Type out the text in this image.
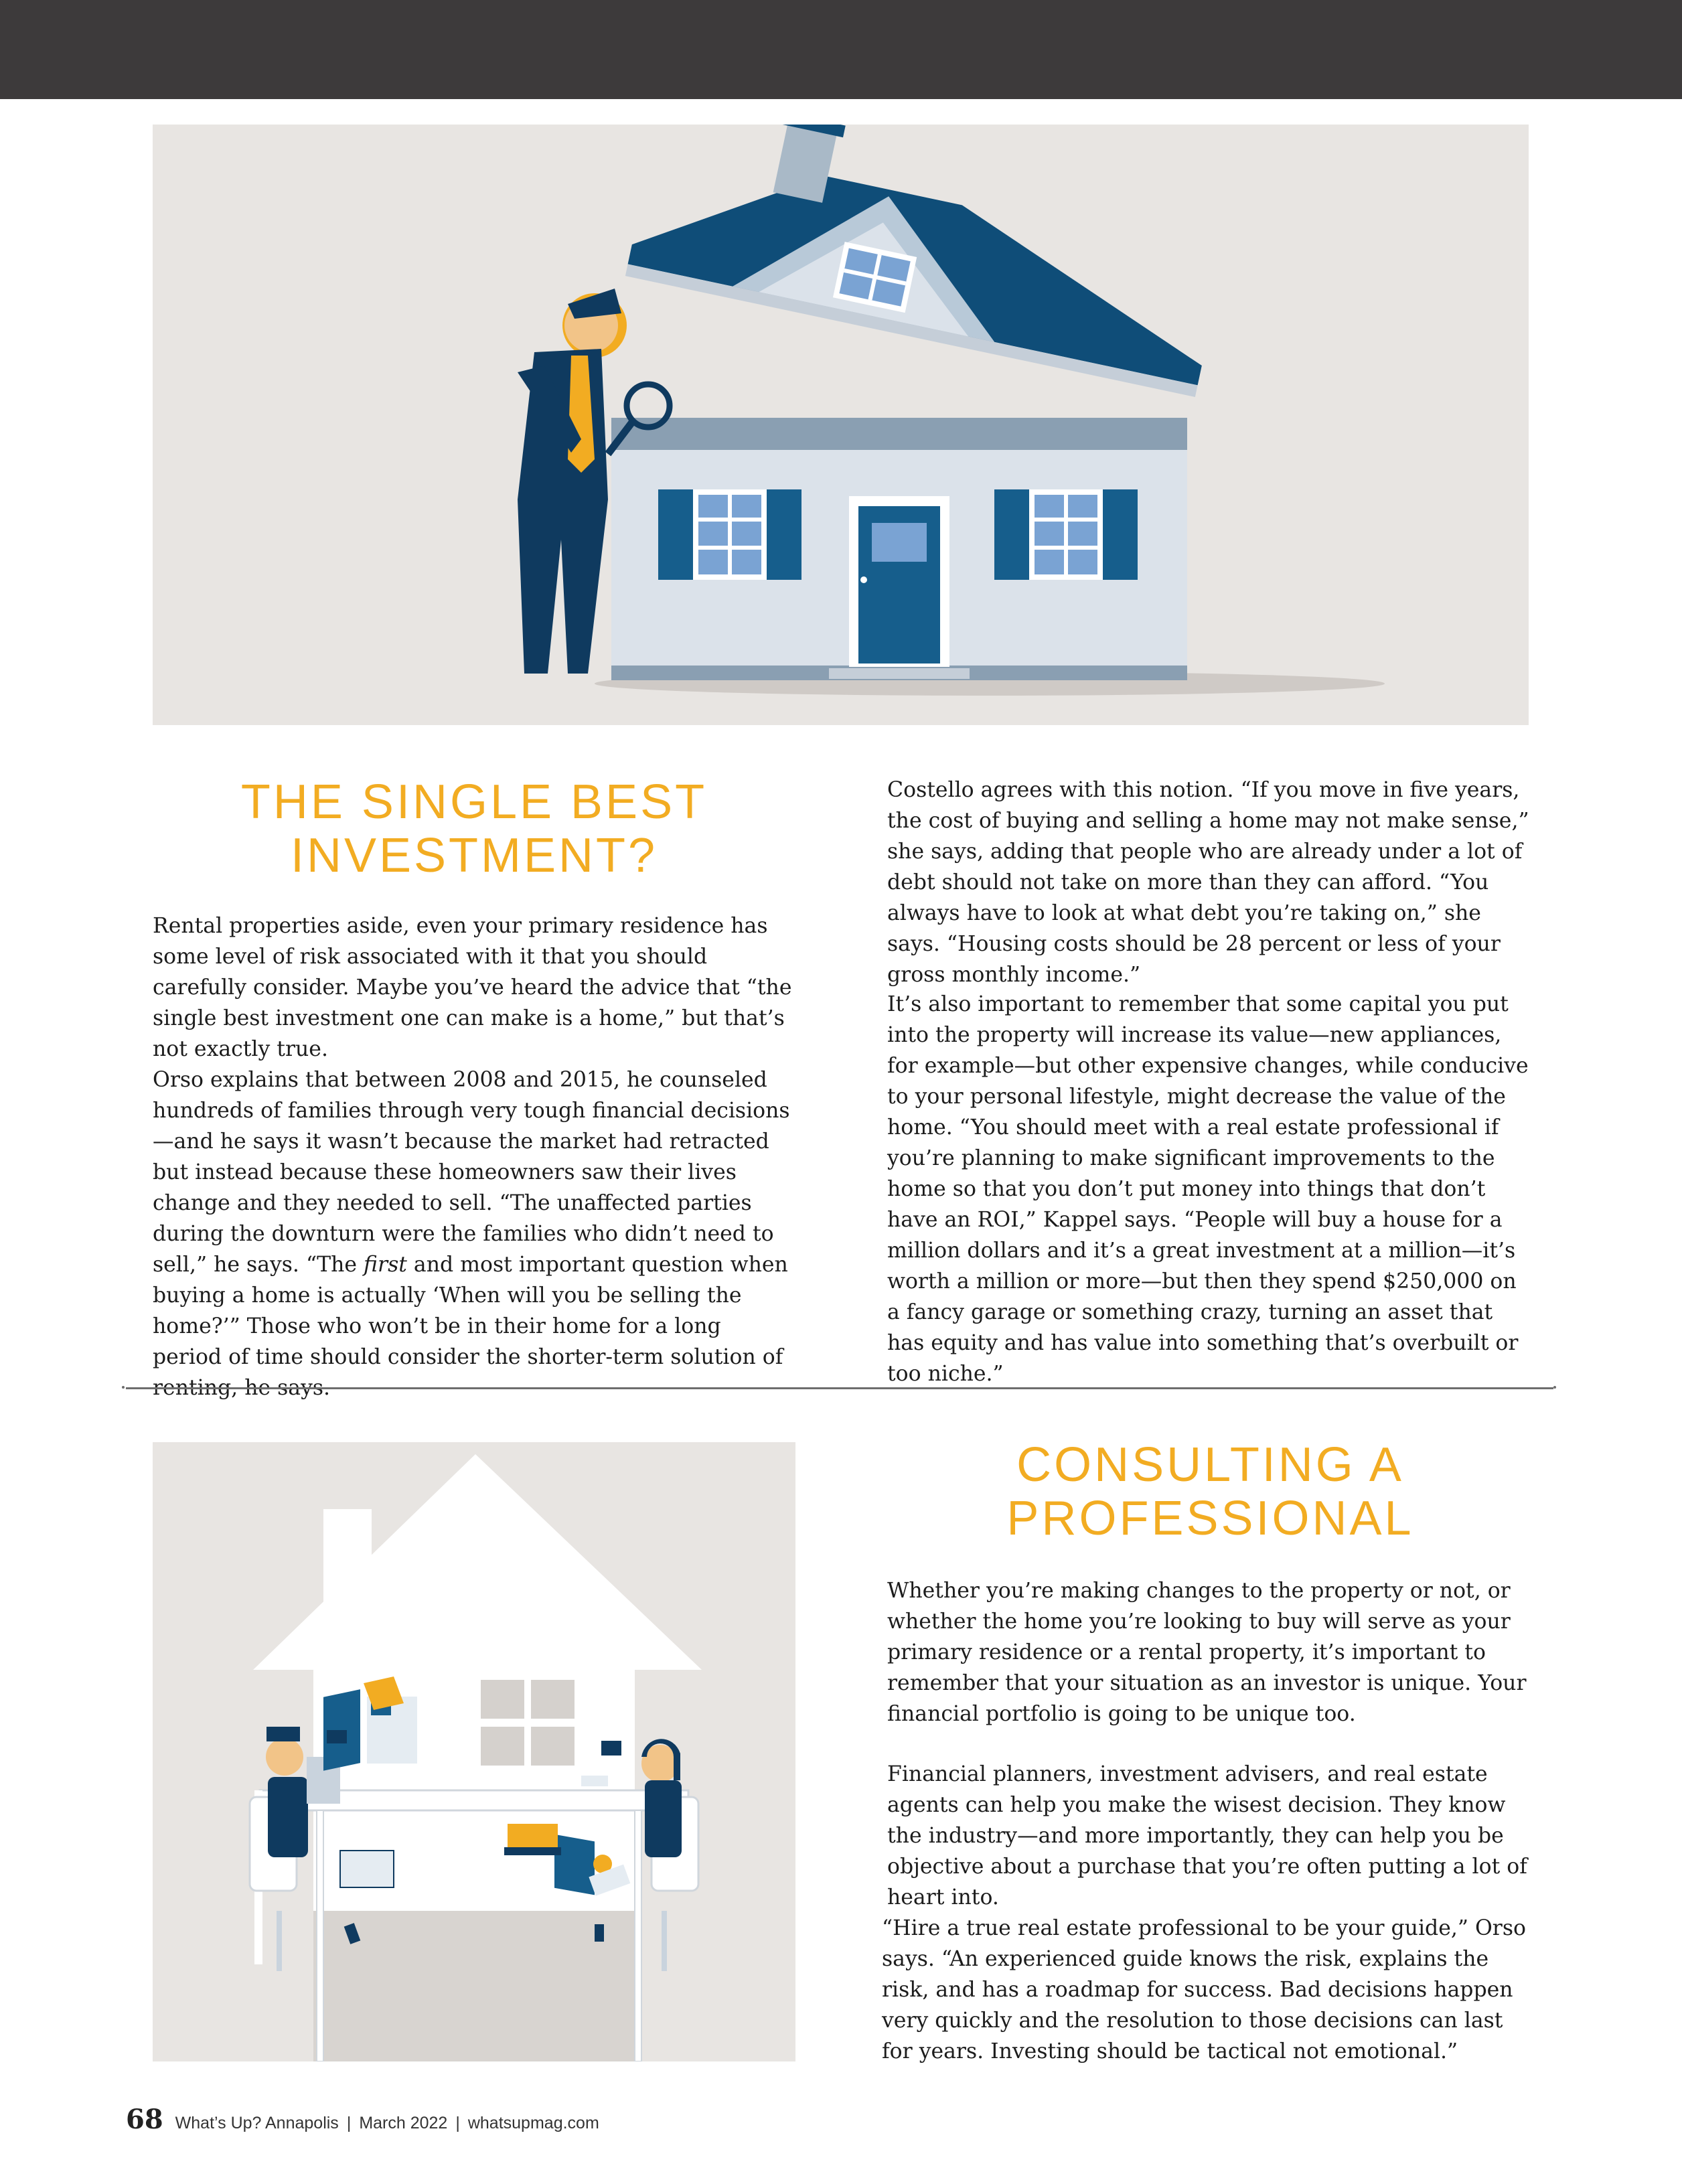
THE SINGLE BEST
INVESTMENT?

Rental properties aside, even your primary residence has some level of risk associated with it that you should carefully consider. Maybe you’ve heard the advice that “the single best investment one can make is a home,” but that’s not exactly true.

Orso explains that between 2008 and 2015, he counseled hundreds of families through very tough financial decisions—and he says it wasn’t because the market had retracted but instead because these homeowners saw their lives change and they needed to sell. “The unaffected parties during the downturn were the families who didn’t need to sell,” he says. “The first and most important question when buying a home is actually ‘When will you be selling the home?’” Those who won’t be in their home for a long period of time should consider the shorter-term solution of renting, he says.

Costello agrees with this notion. “If you move in five years, the cost of buying and selling a home may not make sense,” she says, adding that people who are already under a lot of debt should not take on more than they can afford. “You always have to look at what debt you’re taking on,” she says. “Housing costs should be 28 percent or less of your gross monthly income.”

It’s also important to remember that some capital you put into the property will increase its value—new appliances, for example—but other expensive changes, while conducive to your personal lifestyle, might decrease the value of the home. “You should meet with a real estate professional if you’re planning to make significant improvements to the home so that you don’t put money into things that don’t have an ROI,” Kappel says. “People will buy a house for a million dollars and it’s a great investment at a million—it’s worth a million or more—but then they spend $250,000 on a fancy garage or something crazy, turning an asset that has equity and has value into something that’s overbuilt or too niche.”

CONSULTING A
PROFESSIONAL

Whether you’re making changes to the property or not, or whether the home you’re looking to buy will serve as your primary residence or a rental property, it’s important to remember that your situation as an investor is unique. Your financial portfolio is going to be unique too.

Financial planners, investment advisers, and real estate agents can help you make the wisest decision. They know the industry—and more importantly, they can help you be objective about a purchase that you’re often putting a lot of heart into.

“Hire a true real estate professional to be your guide,” Orso says. “An experienced guide knows the risk, explains the risk, and has a roadmap for success. Bad decisions happen very quickly and the resolution to those decisions can last for years. Investing should be tactical not emotional.”

68 What’s Up? Annapolis | March 2022 | whatsupmag.com
